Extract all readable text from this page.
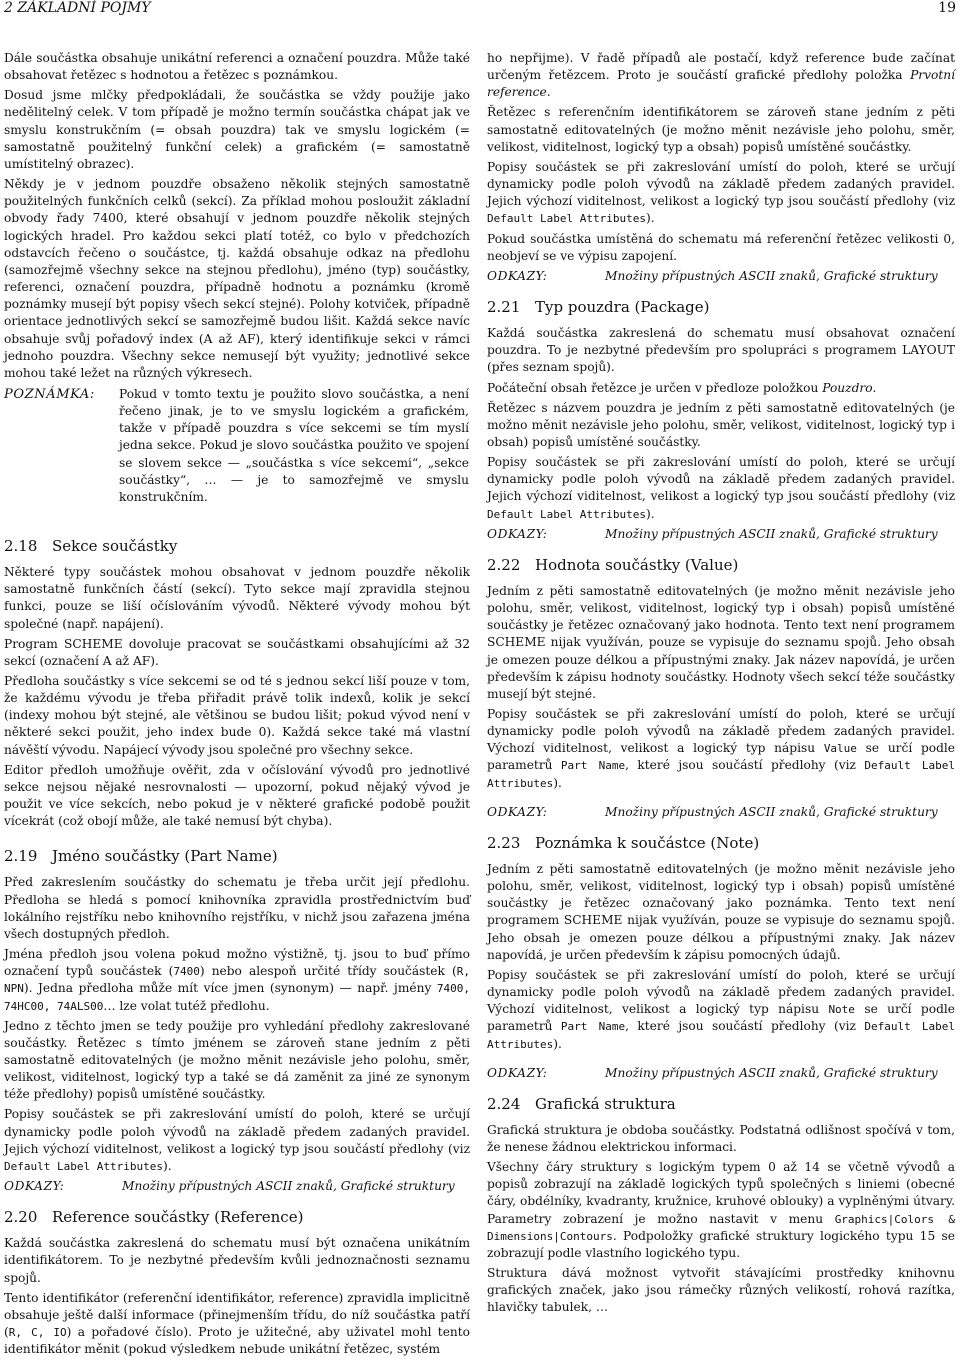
2 ZÁKLADNÍ POJMY	19

Dále součástka obsahuje unikátní referenci a označení pouzdra. Může také obsahovat řetězec s hodnotou a řetězec s poznámkou.

Dosud jsme mlčky předpokládali, že součástka se vždy použije jako nedělitelný celek. V tom případě je možno termín součástka chápat jak ve smyslu konstrukčním (= obsah pouzdra) tak ve smyslu logickém (= samostatně použitelný funkční celek) a grafickém (= samostatně umístitelný obrazec).

Někdy je v jednom pouzdře obsaženo několik stejných samostatně použitelných funkčních celků (sekcí). Za příklad mohou posloužit základní obvody řady 7400, které obsahují v jednom pouzdře několik stejných logických hradel. Pro každou sekci platí totéž, co bylo v předchozích odstavcích řečeno o součástce, tj. každá obsahuje odkaz na předlohu (samozřejmě všechny sekce na stejnou předlohu), jméno (typ) součástky, referenci, označení pouzdra, případně hodnotu a poznámku (kromě poznámky musejí být popisy všech sekcí stejné). Polohy kotviček, případně orientace jednotlivých sekcí se samozřejmě budou lišit. Každá sekce navíc obsahuje svůj pořadový index (A až AF), který identifikuje sekci v rámci jednoho pouzdra. Všechny sekce nemusejí být využity; jednotlivé sekce mohou také ležet na různých výkresech.

POZNÁMKA:	Pokud v tomto textu je použito slovo součástka, a není řečeno jinak, je to ve smyslu logickém a grafickém, takže v případě pouzdra s více sekcemi se tím myslí jedna sekce. Pokud je slovo součástka použito ve spojení se slovem sekce — „součástka s více sekcemi“, „sekce součástky“, … — je to samozřejmě ve smyslu konstrukčním.
2.18 Sekce součástky

Některé typy součástek mohou obsahovat v jednom pouzdře několik samostatně funkčních částí (sekcí). Tyto sekce mají zpravidla stejnou funkci, pouze se liší očíslováním vývodů. Některé vývody mohou být společné (např. napájení).

Program SCHEME dovoluje pracovat se součástkami obsahujícími až 32 sekcí (označení A až AF).

Předloha součástky s více sekcemi se od té s jednou sekcí liší pouze v tom, že každému vývodu je třeba přiřadit právě tolik indexů, kolik je sekcí (indexy mohou být stejné, ale většinou se budou lišit; pokud vývod není v některé sekci použit, jeho index bude 0). Každá sekce také má vlastní návěští vývodu. Napájecí vývody jsou společné pro všechny sekce.

Editor předloh umožňuje ověřit, zda v očíslování vývodů pro jednotlivé sekce nejsou nějaké nesrovnalosti — upozorní, pokud nějaký vývod je použit ve více sekcích, nebo pokud je v některé grafické podobě použit vícekrát (což obojí může, ale také nemusí být chyba).

2.19 Jméno součástky (Part Name)

Před zakreslením součástky do schematu je třeba určit její předlohu. Předloha se hledá s pomocí knihovníka zpravidla prostřednictvím buď lokálního rejstříku nebo knihovního rejstříku, v nichž jsou zařazena jména všech dostupných předloh.

Jména předloh jsou volena pokud možno výstižně, tj. jsou to buď přímo označení typů součástek (7400) nebo alespoň určité třídy součástek (R, NPN). Jedna předloha může mít více jmen (synonym) — např. jmény 7400, 74HC00, 74ALS00… lze volat tutéž předlohu.

Jedno z těchto jmen se tedy použije pro vyhledání předlohy zakreslované součástky. Řetězec s tímto jménem se zároveň stane jedním z pěti samostatně editovatelných (je možno měnit nezávisle jeho polohu, směr, velikost, viditelnost, logický typ a také se dá zaměnit za jiné ze synonym téže předlohy) popisů umístěné součástky.

Popisy součástek se při zakreslování umístí do poloh, které se určují dynamicky podle poloh vývodů na základě předem zadaných pravidel. Jejich výchozí viditelnost, velikost a logický typ jsou součástí předlohy (viz Default Label Attributes).

ODKAZY:	Množiny přípustných ASCII znaků, Grafické struktury
2.20 Reference součástky (Reference)

Každá součástka zakreslená do schematu musí být označena unikátním identifikátorem. To je nezbytné především kvůli jednoznačnosti seznamu spojů.

Tento identifikátor (referenční identifikátor, reference) zpravidla implicitně obsahuje ještě další informace (přinejmenším třídu, do níž součástka patří (R, C, IO) a pořadové číslo). Proto je užitečné, aby uživatel mohl tento identifikátor měnit (pokud výsledkem nebude unikátní řetězec, systém

ho nepřijme). V řadě případů ale postačí, když reference bude začínat určeným řetězcem. Proto je součástí grafické předlohy položka Prvotní reference.

Řetězec s referenčním identifikátorem se zároveň stane jedním z pěti samostatně editovatelných (je možno měnit nezávisle jeho polohu, směr, velikost, viditelnost, logický typ a obsah) popisů umístěné součástky.

Popisy součástek se při zakreslování umístí do poloh, které se určují dynamicky podle poloh vývodů na základě předem zadaných pravidel. Jejich výchozí viditelnost, velikost a logický typ jsou součástí předlohy (viz Default Label Attributes).

Pokud součástka umístěná do schematu má referenční řetězec velikosti 0, neobjeví se ve výpisu zapojení.

ODKAZY:	Množiny přípustných ASCII znaků, Grafické struktury
2.21 Typ pouzdra (Package)

Každá součástka zakreslená do schematu musí obsahovat označení pouzdra. To je nezbytné především pro spolupráci s programem LAYOUT (přes seznam spojů).

Počáteční obsah řetězce je určen v předloze položkou Pouzdro.

Řetězec s názvem pouzdra je jedním z pěti samostatně editovatelných (je možno měnit nezávisle jeho polohu, směr, velikost, viditelnost, logický typ i obsah) popisů umístěné součástky.

Popisy součástek se při zakreslování umístí do poloh, které se určují dynamicky podle poloh vývodů na základě předem zadaných pravidel. Jejich výchozí viditelnost, velikost a logický typ jsou součástí předlohy (viz Default Label Attributes).

ODKAZY:	Množiny přípustných ASCII znaků, Grafické struktury
2.22 Hodnota součástky (Value)

Jedním z pěti samostatně editovatelných (je možno měnit nezávisle jeho polohu, směr, velikost, viditelnost, logický typ i obsah) popisů umístěné součástky je řetězec označovaný jako hodnota. Tento text není programem SCHEME nijak využíván, pouze se vypisuje do seznamu spojů. Jeho obsah je omezen pouze délkou a přípustnými znaky. Jak název napovídá, je určen především k zápisu hodnoty součástky. Hodnoty všech sekcí téže součástky musejí být stejné.

Popisy součástek se při zakreslování umístí do poloh, které se určují dynamicky podle poloh vývodů na základě předem zadaných pravidel. Výchozí viditelnost, velikost a logický typ nápisu Value se určí podle parametrů Part Name, které jsou součástí předlohy (viz Default Label Attributes).

ODKAZY:	Množiny přípustných ASCII znaků, Grafické struktury
2.23 Poznámka k součástce (Note)

Jedním z pěti samostatně editovatelných (je možno měnit nezávisle jeho polohu, směr, velikost, viditelnost, logický typ i obsah) popisů umístěné součástky je řetězec označovaný jako poznámka. Tento text není programem SCHEME nijak využíván, pouze se vypisuje do seznamu spojů. Jeho obsah je omezen pouze délkou a přípustnými znaky. Jak název napovídá, je určen především k zápisu pomocných údajů.

Popisy součástek se při zakreslování umístí do poloh, které se určují dynamicky podle poloh vývodů na základě předem zadaných pravidel. Výchozí viditelnost, velikost a logický typ nápisu Note se určí podle parametrů Part Name, které jsou součástí předlohy (viz Default Label Attributes).

ODKAZY:	Množiny přípustných ASCII znaků, Grafické struktury
2.24 Grafická struktura

Grafická struktura je obdoba součástky. Podstatná odlišnost spočívá v tom, že nenese žádnou elektrickou informaci.

Všechny čáry struktury s logickým typem 0 až 14 se včetně vývodů a popisů zobrazují na základě logických typů společných s liniemi (obecné čáry, obdélníky, kvadranty, kružnice, kruhové oblouky) a vyplněnými útvary. Parametry zobrazení je možno nastavit v menu Graphics|Colors & Dimensions|Contours. Podpoložky grafické struktury logického typu 15 se zobrazují podle vlastního logického typu.

Struktura dává možnost vytvořit stávajícími prostředky knihovnu grafických značek, jako jsou rámečky různých velikostí, rohová razítka, hlavičky tabulek, …
